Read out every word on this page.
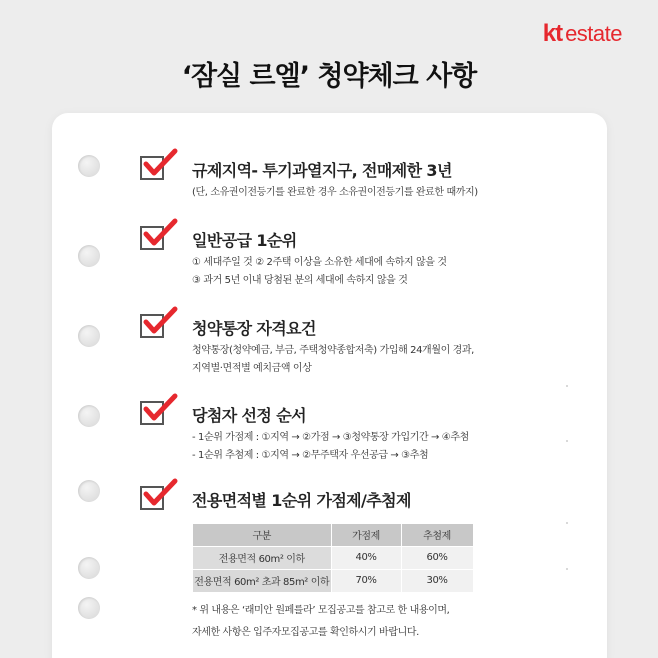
kt estate
‘잠실 르엘’ 청약체크 사항
규제지역- 투기과열지구, 전매제한 3년
(단, 소유권이전등기를 완료한 경우 소유권이전등기를 완료한 때까지)
일반공급 1순위
① 세대주일 것 ② 2주택 이상을 소유한 세대에 속하지 않을 것
③ 과거 5년 이내 당첨된 분의 세대에 속하지 않을 것
청약통장 자격요건
청약통장(청약예금, 부금, 주택청약종합저축) 가입해 24개월이 경과,
지역별·면적별 예치금액 이상
당첨자 선정 순서
- 1순위 가점제 : ①지역 → ②가점 → ③청약통장 가입기간 → ④추첨
- 1순위 추첨제 : ①지역 → ②무주택자 우선공급 → ③추첨
전용면적별 1순위 가점제/추첨제
구분	가점제	추첨제
전용면적 60m² 이하	40%	60%
전용면적 60m² 초과 85m² 이하	70%	30%
* 위 내용은 ‘래미안 원페를라’ 모집공고를 참고로 한 내용이며,
자세한 사항은 입주자모집공고를 확인하시기 바랍니다.
